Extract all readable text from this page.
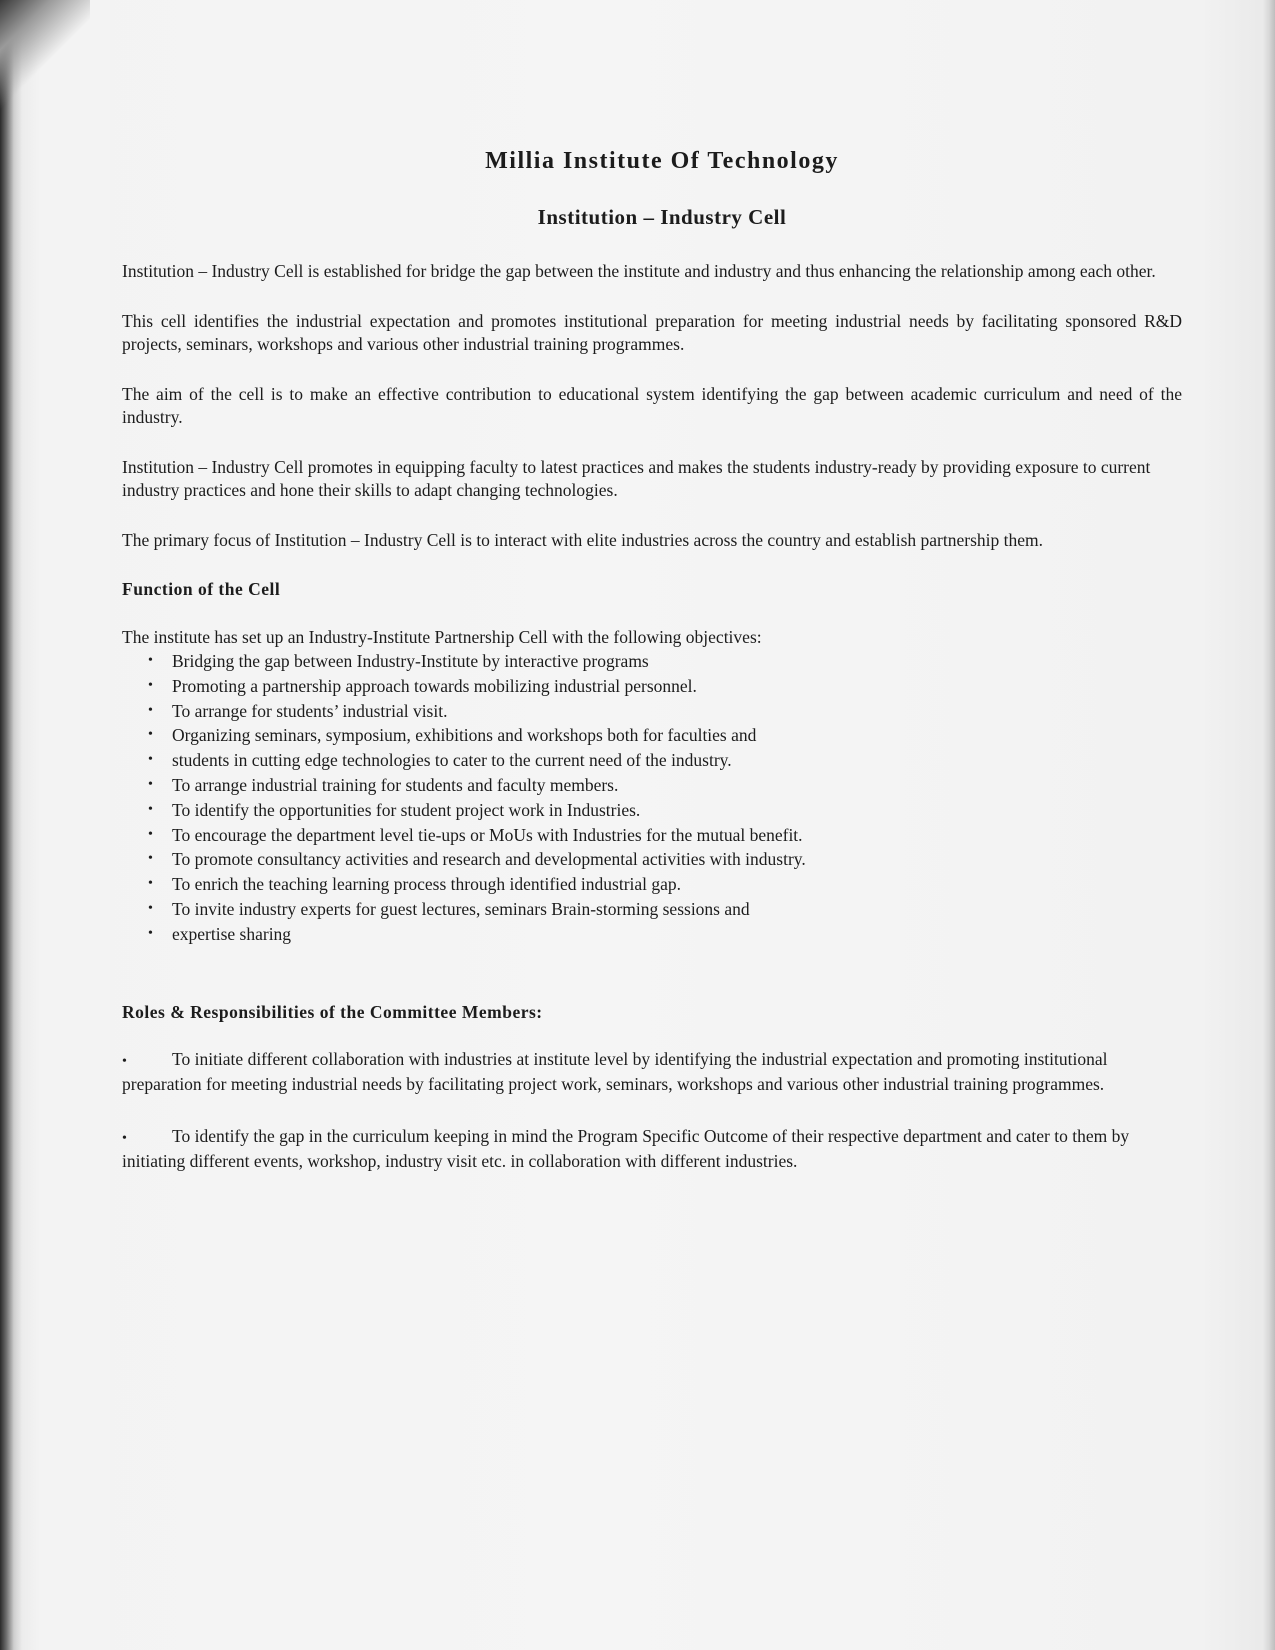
Millia Institute Of Technology
Institution – Industry Cell

Institution – Industry Cell is established for bridge the gap between the institute and industry and thus enhancing the relationship among each other.

This cell identifies the industrial expectation and promotes institutional preparation for meeting industrial needs by facilitating sponsored R&D projects, seminars, workshops and various other industrial training programmes.

The aim of the cell is to make an effective contribution to educational system identifying the gap between academic curriculum and need of the industry.

Institution – Industry Cell promotes in equipping faculty to latest practices and makes the students industry-ready by providing exposure to current industry practices and hone their skills to adapt changing technologies.

The primary focus of Institution – Industry Cell is to interact with elite industries across the country and establish partnership them.

Function of the Cell

The institute has set up an Industry-Institute Partnership Cell with the following objectives:

• Bridging the gap between Industry-Institute by interactive programs
• Promoting a partnership approach towards mobilizing industrial personnel.
• To arrange for students’ industrial visit.
• Organizing seminars, symposium, exhibitions and workshops both for faculties and
• students in cutting edge technologies to cater to the current need of the industry.
• To arrange industrial training for students and faculty members.
• To identify the opportunities for student project work in Industries.
• To encourage the department level tie-ups or MoUs with Industries for the mutual benefit.
• To promote consultancy activities and research and developmental activities with industry.
• To enrich the teaching learning process through identified industrial gap.
• To invite industry experts for guest lectures, seminars Brain-storming sessions and
• expertise sharing
Roles & Responsibilities of the Committee Members:

•	To initiate different collaboration with industries at institute level by identifying the industrial expectation and promoting institutional preparation for meeting industrial needs by facilitating project work, seminars, workshops and various other industrial training programmes.

•	To identify the gap in the curriculum keeping in mind the Program Specific Outcome of their respective department and cater to them by initiating different events, workshop, industry visit etc. in collaboration with different industries.
